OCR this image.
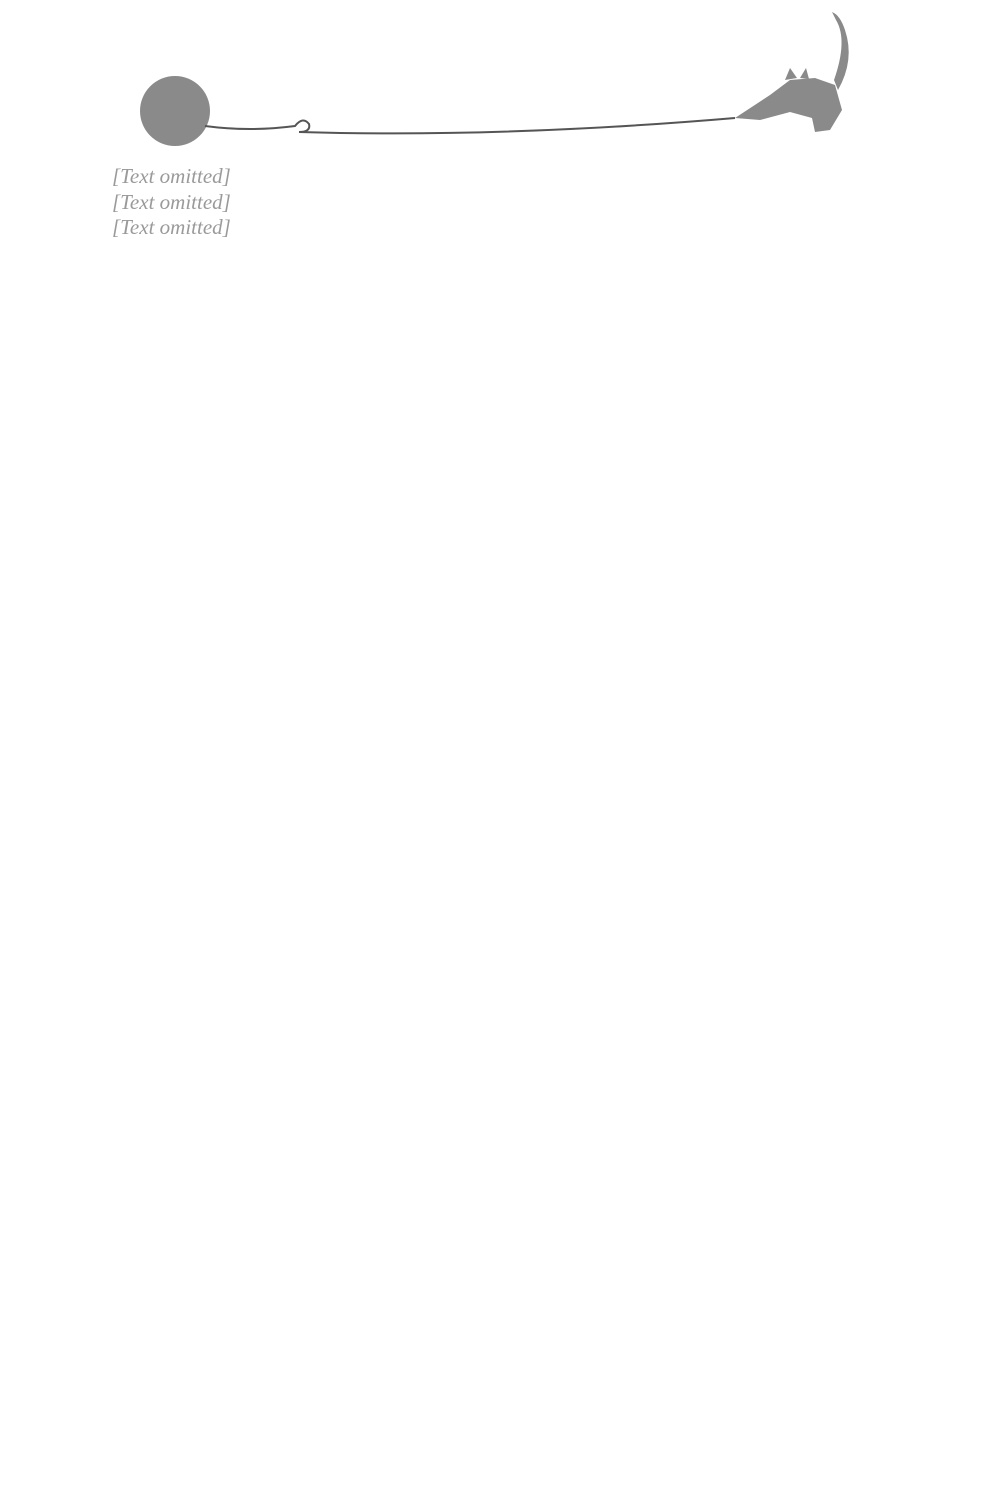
[Text omitted]
[Text omitted]
[Text omitted]
